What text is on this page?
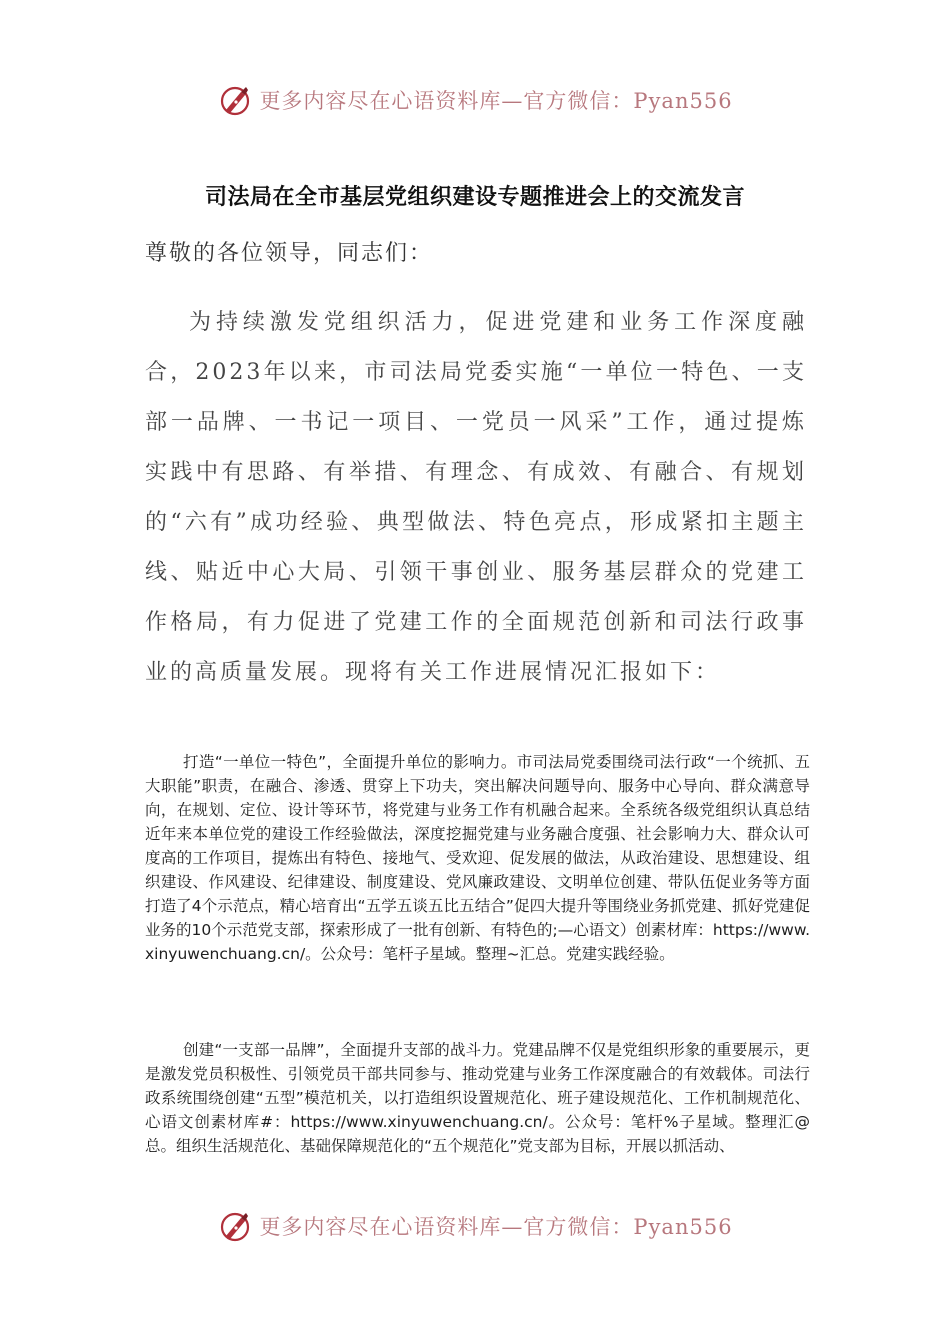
更多内容尽在心语资料库—官方微信：Pyan556
司法局在全市基层党组织建设专题推进会上的交流发言
尊敬的各位领导，同志们：

为持续激发党组织活力，促进党建和业务工作深度融合，2023年以来，市司法局党委实施“一单位一特色、一支部一品牌、一书记一项目、一党员一风采”工作，通过提炼实践中有思路、有举措、有理念、有成效、有融合、有规划的“六有”成功经验、典型做法、特色亮点，形成紧扣主题主线、贴近中心大局、引领干事创业、服务基层群众的党建工作格局，有力促进了党建工作的全面规范创新和司法行政事业的高质量发展。现将有关工作进展情况汇报如下：

打造“一单位一特色”，全面提升单位的影响力。市司法局党委围绕司法行政“一个统抓、五大职能”职责，在融合、渗透、贯穿上下功夫，突出解决问题导向、服务中心导向、群众满意导向，在规划、定位、设计等环节，将党建与业务工作有机融合起来。全系统各级党组织认真总结近年来本单位党的建设工作经验做法，深度挖掘党建与业务融合度强、社会影响力大、群众认可度高的工作项目，提炼出有特色、接地气、受欢迎、促发展的做法，从政治建设、思想建设、组织建设、作风建设、纪律建设、制度建设、党风廉政建设、文明单位创建、带队伍促业务等方面打造了4个示范点，精心培育出“五学五谈五比五结合”促四大提升等围绕业务抓党建、抓好党建促业务的10个示范党支部，探索形成了一批有创新、有特色的;—心语文）创素材库：https://www.xinyuwenchuang.cn/。公众号：笔杆子星域。整理~汇总。党建实践经验。

创建“一支部一品牌”，全面提升支部的战斗力。党建品牌不仅是党组织形象的重要展示，更是激发党员积极性、引领党员干部共同参与、推动党建与业务工作深度融合的有效载体。司法行政系统围绕创建“五型”模范机关，以打造组织设置规范化、班子建设规范化、工作机制规范化、心语文创素材库#：https://www.xinyuwenchuang.cn/。公众号：笔杆%子星域。整理汇@总。组织生活规范化、基础保障规范化的“五个规范化”党支部为目标，开展以抓活动、

更多内容尽在心语资料库—官方微信：Pyan556
